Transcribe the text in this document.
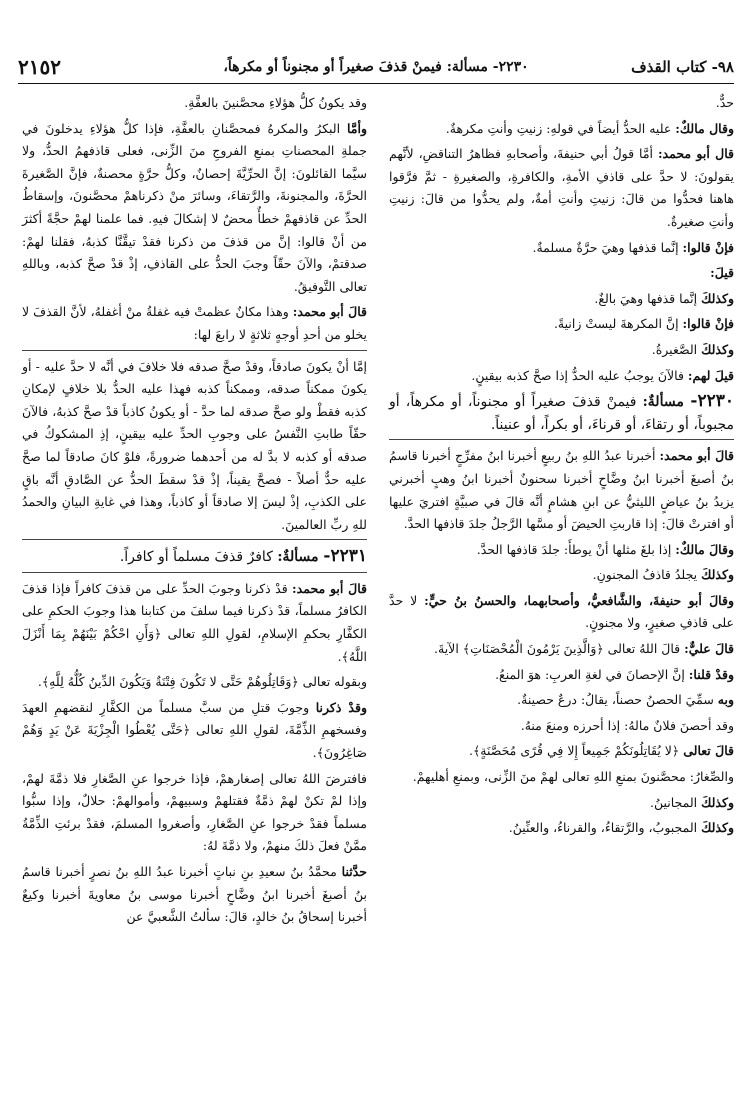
٩٨- كتاب القذف
٢٢٣٠- مسألة: فيمنْ قذفَ صغيراً أو مجنوناً أو مكرهاً،
٢١٥٢

حدٌّ.

وقال مالكٌ: عليه الحدُّ أيضاً في قولهِ: زنيتِ وأنتِ مكرهةٌ.

قال أبو محمد: أمَّا قولُ أبي حنيفةَ، وأصحابهِ فظاهرُ التناقضِ، لأنَّهم يقولونَ: لا حدَّ على قاذفِ الأمةِ، والكافرةِ، والصغيرةِ - ثمَّ فرَّقوا هاهنا فحدُّوا من قالَ: زنيتِ وأنتِ أمةٌ، ولم يحدُّوا من قالَ: زنيتِ وأنتِ صغيرةٌ.

فإنْ قالوا: إنَّما قذفها وهيَ حرَّةٌ مسلمةٌ.

قيلَ:

وكذلكَ إنَّما قذفها وهيَ بالغٌ.

فإنْ قالوا: إنَّ المكرهةَ ليستْ زانيةً.

وكذلكَ الصَّغيرةُ.

قيلَ لهم: فالآنَ يوجبُ عليه الحدُّ إذا صحَّ كذبه بيقينٍ.

٢٢٣٠- مسألةٌ: فيمنْ قذفَ صغيراً أو مجنوناً، أو مكرهاً، أو مجبوباً، أو رتقاءَ، أو قرناءَ، أو بكراً، أو عنيناً.

قالَ أبو محمد: أخبرنا عبدُ اللهِ بنُ ربيعٍ أخبرنا ابنُ مفرِّجٍ أخبرنا قاسمُ بنُ أصبغَ أخبرنا ابنُ وضَّاحٍ أخبرنا سحنونٌ أخبرنا ابنُ وهبٍ أخبرني يزيدُ بنُ عياضٍ الليثيُّ عن ابنِ هشامٍ أنَّه قالَ في صبيَّةٍ افتريَ عليها أو افترتْ قالَ: إذا قاربتِ الحيضَ أو مسَّها الرَّجلُ جلدَ قاذفها الحدَّ.

وقالَ مالكٌ: إذا بلغَ مثلها أنْ يوطأَ: جلدَ قاذفها الحدَّ.

وكذلكَ يجلدُ قاذفُ المجنونِ.

وقالَ أبو حنيفةَ، والشَّافعيُّ، وأصحابهما، والحسنُ بنُ حيٍّ: لا حدَّ على قاذفِ صغيرٍ، ولا مجنونٍ.

قالَ عليٌّ: قالَ اللهُ تعالى ﴿وَالَّذِينَ يَرْمُونَ الْمُحْصَنَاتِ﴾ الآيةَ.

وقدْ قلنا: إنَّ الإحصانَ في لغةِ العربِ: هوَ المنعُ.

وبه سمِّيَ الحصنُ حصناً، يقالُ: درعٌ حصينةٌ.

وقد أحصنَ فلانٌ مالهُ: إذا أحرزه ومنعَ منهُ.

قالَ تعالى ﴿لا يُقَاتِلُونَكُمْ جَمِيعاً إِلا فِي قُرًى مُحَصَّنَةٍ﴾.

والصِّغارُ: محصَّنونَ بمنعِ اللهِ تعالى لهمْ منَ الزِّنى، وبمنعِ أهليهمْ.

وكذلكَ المجانينُ.

وكذلكَ المجبوبُ، والرَّتقاءُ، والقرناءُ، والعنِّينُ.

وقد يكونُ كلُّ هؤلاءِ محصَّنينَ بالعفَّةِ.

وأمَّا البكرُ والمكرهُ فمحصَّنانِ بالعفَّةِ، فإذا كلُّ هؤلاءِ يدخلونَ في جملةِ المحصناتِ بمنعِ الفروجِ منَ الزِّنى، فعلى قاذفهمُ الحدُّ، ولا سيَّما القائلونَ: إنَّ الحرِّيَّةَ إحصانٌ، وكلُّ حرَّةٍ محصنةٌ، فإنَّ الصَّغيرةَ الحرَّةَ، والمجنونةَ، والرَّتقاءَ، وسائرَ منْ ذكرناهمْ محصَّنونَ، وإسقاطُ الحدِّ عن قاذفهمْ خطأٌ محضٌ لا إشكالَ فيهِ. فما علمنا لهمْ حجَّةً أكثرَ من أنْ قالوا: إنَّ من قذفَ من ذكرنا فقدْ تيقَّنَّا كذبهُ، فقلنا لهمْ: صدقتمْ، والآنَ حقّاً وجبَ الحدُّ على القاذفِ، إذْ قدْ صحَّ كذبه، وباللهِ تعالى التَّوفيقُ.

قالَ أبو محمد: وهذا مكانٌ عظمتْ فيه غفلةُ منْ أغفلهُ، لأنَّ القذفَ لا يخلو من أحدِ أوجهٍ ثلاثةٍ لا رابعَ لها:

إمَّا أنْ يكونَ صادقاً، وقدْ صحَّ صدقه فلا خلافَ في أنَّه لا حدَّ عليه - أو يكونَ ممكناً صدقه، وممكناً كذبه فهذا عليه الحدُّ بلا خلافٍ لإمكانِ كذبه فقطْ ولو صحَّ صدقه لما حدَّ - أو يكونُ كاذباً قدْ صحَّ كذبهُ، فالآنَ حقّاً طابتِ النَّفسُ على وجوبِ الحدِّ عليه بيقينٍ، إذِ المشكوكُ في صدقه أو كذبه لا بدَّ له من أحدهما ضرورةً، فلوْ كانَ صادقاً لما صحَّ عليه حدٌّ أصلاً - فصحَّ يقيناً، إذْ قدْ سقطَ الحدُّ عن الصَّادقِ أنَّه باقٍ على الكذبِ، إذْ ليسَ إلا صادقاً أو كاذباً، وهذا في غايةِ البيانِ والحمدُ للهِ ربِّ العالمينَ.

٢٢٣١- مسألةٌ: كافرٌ قذفَ مسلماً أو كافراً.

قالَ أبو محمد: قدْ ذكرنا وجوبَ الحدِّ على من قذفَ كافراً فإذا قذفَ الكافرُ مسلماً، قدْ ذكرنا فيما سلفَ من كتابنا هذا وجوبَ الحكمِ على الكفَّارِ بحكمِ الإسلامِ، لقولِ اللهِ تعالى ﴿وَأَنِ احْكُمْ بَيْنَهُمْ بِمَا أَنْزَلَ اللَّهُ﴾.

وبقوله تعالى ﴿وَقَاتِلُوهُمْ حَتَّى لا تَكُونَ فِتْنَةٌ وَيَكُونَ الدِّينُ كُلُّهُ لِلَّهِ﴾.

وقدْ ذكرنا وجوبَ قتلِ من سبَّ مسلماً من الكفَّارِ لنقضهمِ العهدَ وفسخهمِ الذِّمَّةَ، لقولِ اللهِ تعالى ﴿حَتَّى يُعْطُوا الْجِزْيَةَ عَنْ يَدٍ وَهُمْ صَاغِرُونَ﴾.

فافترضَ اللهُ تعالى إصغارهمْ، فإذا خرجوا عنِ الصَّغارِ فلا ذمَّةَ لهمْ، وإذا لمْ تكنْ لهمْ ذمَّةٌ فقتلهمْ وسبيهمْ، وأموالهمْ: حلالٌ، وإذا سبُّوا مسلماً فقدْ خرجوا عنِ الصَّغارِ، وأصغروا المسلمَ، فقدْ برئتِ الذِّمَّةُ ممَّنْ فعلَ ذلكَ منهمْ، ولا ذمَّةَ لهُ:

حدَّثنا محمَّدُ بنُ سعيدِ بنِ نباتٍ أخبرنا عبدُ اللهِ بنُ نصرٍ أخبرنا قاسمُ بنُ أصبغَ أخبرنا ابنُ وضَّاحٍ أخبرنا موسى بنُ معاويةَ أخبرنا وكيعٌ أخبرنا إسحاقُ بنُ خالدٍ، قالَ: سألتُ الشَّعبيَّ عن
